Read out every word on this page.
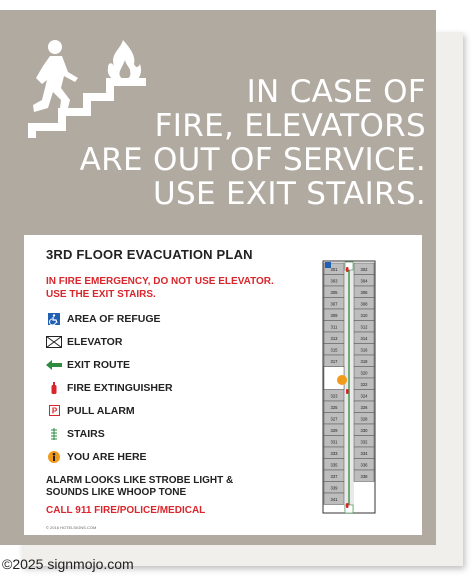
IN CASE OF
FIRE, ELEVATORS
ARE OUT OF SERVICE.
USE EXIT STAIRS.
3RD FLOOR EVACUATION PLAN
IN FIRE EMERGENCY, DO NOT USE ELEVATOR. USE THE EXIT STAIRS.
AREA OF REFUGE
ELEVATOR
EXIT ROUTE
FIRE EXTINGUISHER
P PULL ALARM
STAIRS
YOU ARE HERE
ALARM LOOKS LIKE STROBE LIGHT & SOUNDS LIKE WHOOP TONE
CALL 911 FIRE/POLICE/MEDICAL
© 2016 HOTELSIGNS.COM
301
303
305
307
309
311
313
315
317
323
325
327
329
331
333
335
337
339
341
302
304
306
308
310
312
314
316
318
320
322
324
326
328
330
332
334
336
338
©2025 signmojo.com
